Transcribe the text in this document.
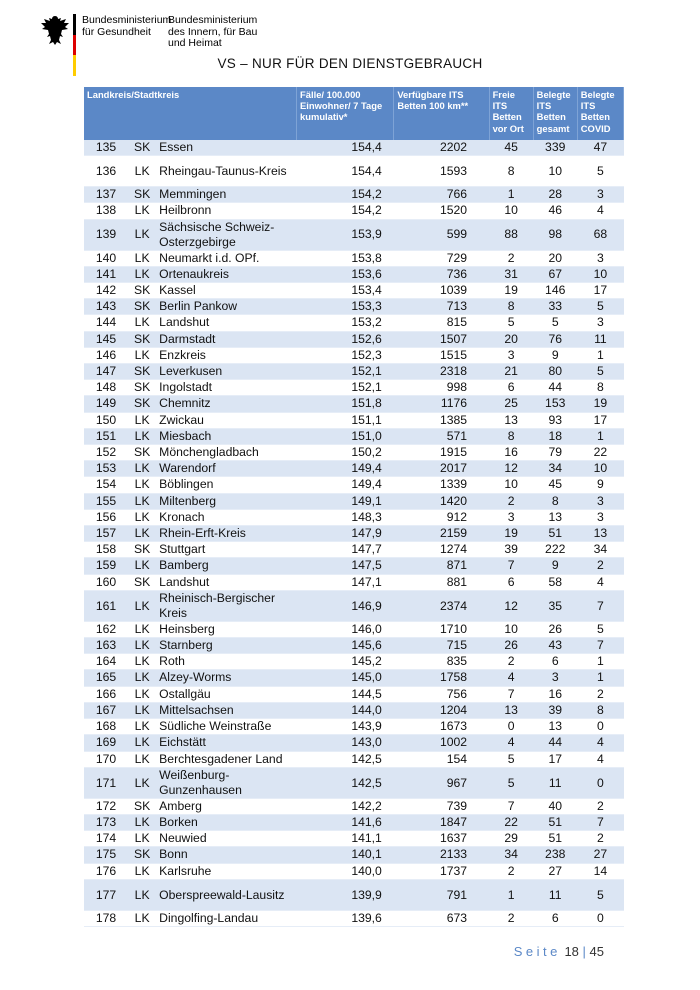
Bundesministerium
für Gesundheit
Bundesministerium
des Innern, für Bau
und Heimat
VS – NUR FÜR DEN DIENSTGEBRAUCH
Landkreis/Stadtkreis			Fälle/ 100.000 Einwohner/ 7 Tage kumulativ*	Verfügbare ITS Betten 100 km**	Freie ITS Betten vor Ort	Belegte ITS Betten gesamt	Belegte ITS Betten COVID
135	SK	Essen	154,4	2202	45	339	47
136	LK	Rheingau-Taunus-Kreis	154,4	1593	8	10	5
137	SK	Memmingen	154,2	766	1	28	3
138	LK	Heilbronn	154,2	1520	10	46	4
139	LK	Sächsische Schweiz-Osterzgebirge	153,9	599	88	98	68
140	LK	Neumarkt i.d. OPf.	153,8	729	2	20	3
141	LK	Ortenaukreis	153,6	736	31	67	10
142	SK	Kassel	153,4	1039	19	146	17
143	SK	Berlin Pankow	153,3	713	8	33	5
144	LK	Landshut	153,2	815	5	5	3
145	SK	Darmstadt	152,6	1507	20	76	11
146	LK	Enzkreis	152,3	1515	3	9	1
147	SK	Leverkusen	152,1	2318	21	80	5
148	SK	Ingolstadt	152,1	998	6	44	8
149	SK	Chemnitz	151,8	1176	25	153	19
150	LK	Zwickau	151,1	1385	13	93	17
151	LK	Miesbach	151,0	571	8	18	1
152	SK	Mönchengladbach	150,2	1915	16	79	22
153	LK	Warendorf	149,4	2017	12	34	10
154	LK	Böblingen	149,4	1339	10	45	9
155	LK	Miltenberg	149,1	1420	2	8	3
156	LK	Kronach	148,3	912	3	13	3
157	LK	Rhein-Erft-Kreis	147,9	2159	19	51	13
158	SK	Stuttgart	147,7	1274	39	222	34
159	LK	Bamberg	147,5	871	7	9	2
160	SK	Landshut	147,1	881	6	58	4
161	LK	Rheinisch-Bergischer Kreis	146,9	2374	12	35	7
162	LK	Heinsberg	146,0	1710	10	26	5
163	LK	Starnberg	145,6	715	26	43	7
164	LK	Roth	145,2	835	2	6	1
165	LK	Alzey-Worms	145,0	1758	4	3	1
166	LK	Ostallgäu	144,5	756	7	16	2
167	LK	Mittelsachsen	144,0	1204	13	39	8
168	LK	Südliche Weinstraße	143,9	1673	0	13	0
169	LK	Eichstätt	143,0	1002	4	44	4
170	LK	Berchtesgadener Land	142,5	154	5	17	4
171	LK	Weißenburg-Gunzenhausen	142,5	967	5	11	0
172	SK	Amberg	142,2	739	7	40	2
173	LK	Borken	141,6	1847	22	51	7
174	LK	Neuwied	141,1	1637	29	51	2
175	SK	Bonn	140,1	2133	34	238	27
176	LK	Karlsruhe	140,0	1737	2	27	14
177	LK	Oberspreewald-Lausitz	139,9	791	1	11	5
178	LK	Dingolfing-Landau	139,6	673	2	6	0
Seite 18 | 45
